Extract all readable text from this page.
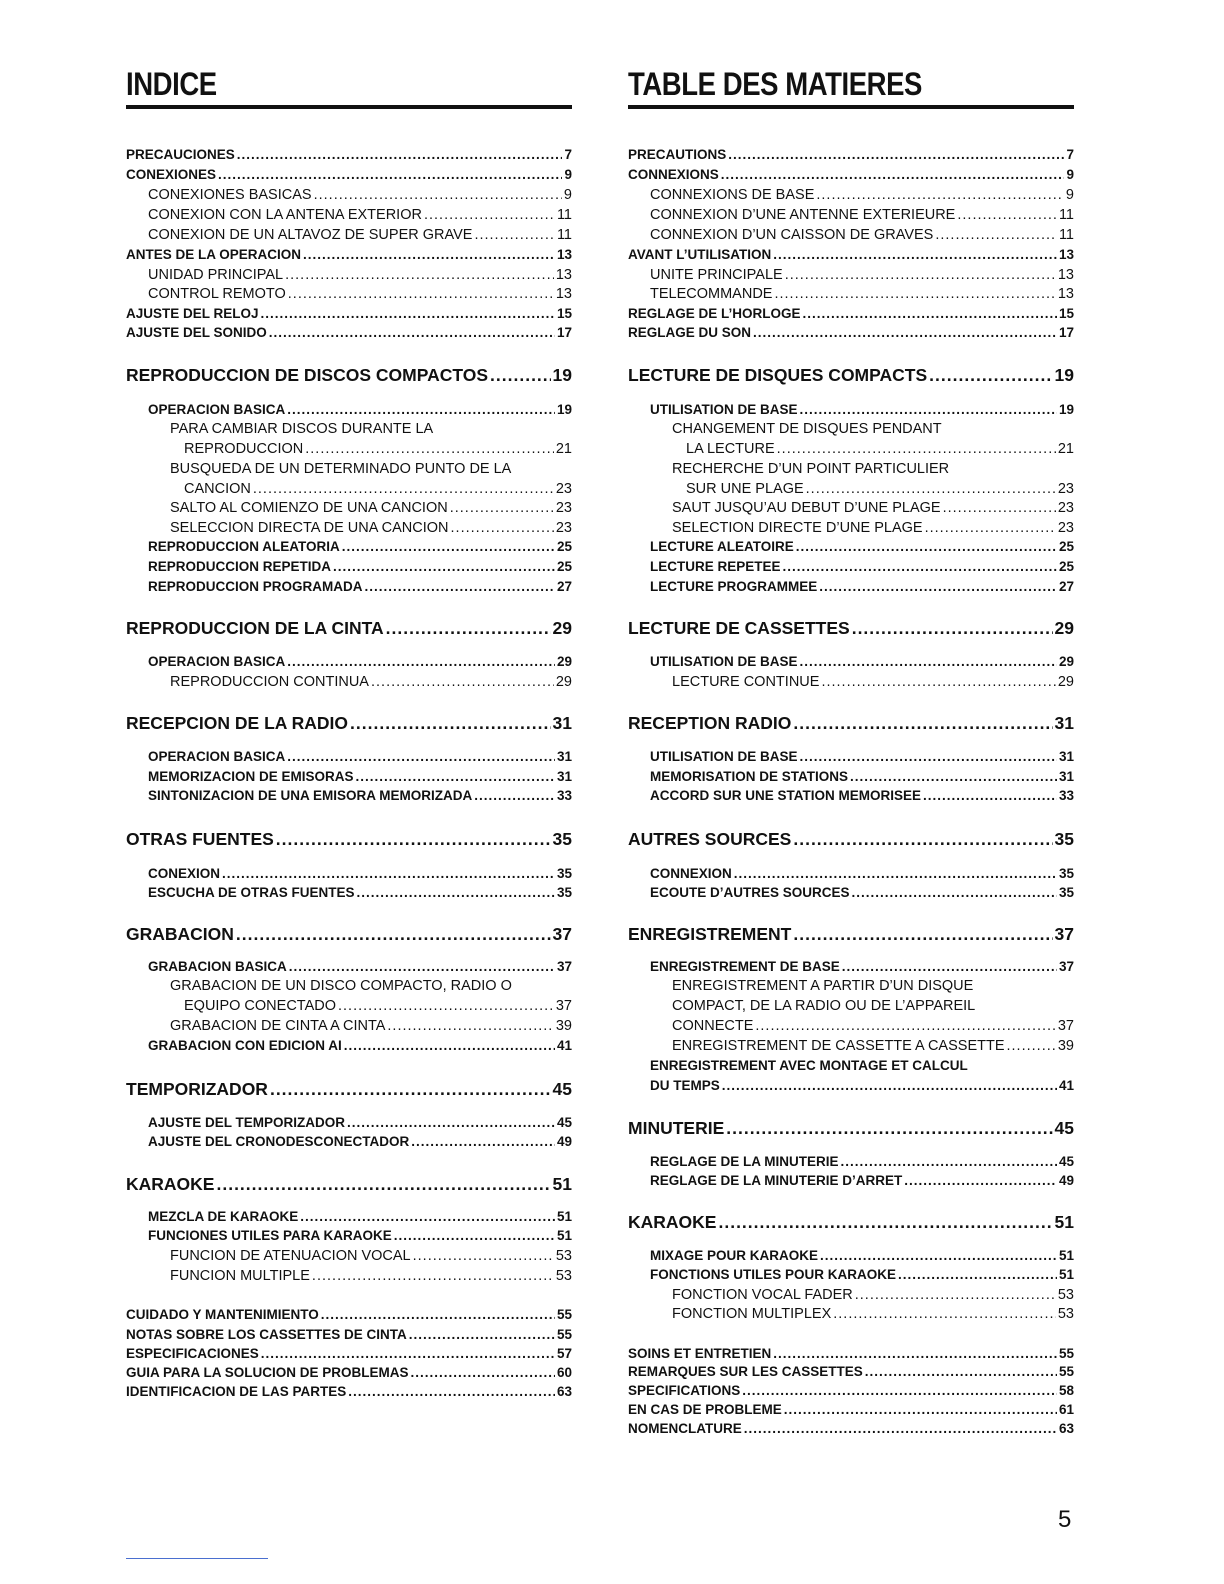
INDICE
PRECAUCIONES .....	7
CONEXIONES .....	9
CONEXIONES BASICAS .....	9
CONEXION CON LA ANTENA EXTERIOR .....	11
CONEXION DE UN ALTAVOZ DE SUPER GRAVE .....	11
ANTES DE LA OPERACION .....	13
UNIDAD PRINCIPAL .....	13
CONTROL REMOTO .....	13
AJUSTE DEL RELOJ .....	15
AJUSTE DEL SONIDO .....	17
REPRODUCCION DE DISCOS COMPACTOS .....	19
OPERACION BASICA .....	19
PARA CAMBIAR DISCOS DURANTE LA
REPRODUCCION .....	21
BUSQUEDA DE UN DETERMINADO PUNTO DE LA
CANCION .....	23
SALTO AL COMIENZO DE UNA CANCION .....	23
SELECCION DIRECTA DE UNA CANCION .....	23
REPRODUCCION ALEATORIA .....	25
REPRODUCCION REPETIDA .....	25
REPRODUCCION PROGRAMADA .....	27
REPRODUCCION DE LA CINTA .....	29
OPERACION BASICA .....	29
REPRODUCCION CONTINUA .....	29
RECEPCION DE LA RADIO .....	31
OPERACION BASICA .....	31
MEMORIZACION DE EMISORAS .....	31
SINTONIZACION DE UNA EMISORA MEMORIZADA .....	33
OTRAS FUENTES .....	35
CONEXION .....	35
ESCUCHA DE OTRAS FUENTES .....	35
GRABACION .....	37
GRABACION BASICA .....	37
GRABACION DE UN DISCO COMPACTO, RADIO O
EQUIPO CONECTADO .....	37
GRABACION DE CINTA A CINTA .....	39
GRABACION CON EDICION AI .....	41
TEMPORIZADOR .....	45
AJUSTE DEL TEMPORIZADOR .....	45
AJUSTE DEL CRONODESCONECTADOR .....	49
KARAOKE .....	51
MEZCLA DE KARAOKE .....	51
FUNCIONES UTILES PARA KARAOKE .....	51
FUNCION DE ATENUACION VOCAL .....	53
FUNCION MULTIPLE .....	53
CUIDADO Y MANTENIMIENTO .....	55
NOTAS SOBRE LOS CASSETTES DE CINTA .....	55
ESPECIFICACIONES .....	57
GUIA PARA LA SOLUCION DE PROBLEMAS .....	60
IDENTIFICACION DE LAS PARTES .....	63
TABLE DES MATIERES
PRECAUTIONS .....	7
CONNEXIONS .....	9
CONNEXIONS DE BASE .....	9
CONNEXION D’UNE ANTENNE EXTERIEURE .....	11
CONNEXION D’UN CAISSON DE GRAVES .....	11
AVANT L’UTILISATION .....	13
UNITE PRINCIPALE .....	13
TELECOMMANDE .....	13
REGLAGE DE L’HORLOGE .....	15
REGLAGE DU SON .....	17
LECTURE DE DISQUES COMPACTS .....	19
UTILISATION DE BASE .....	19
CHANGEMENT DE DISQUES PENDANT
LA LECTURE .....	21
RECHERCHE D’UN POINT PARTICULIER
SUR UNE PLAGE .....	23
SAUT JUSQU’AU DEBUT D’UNE PLAGE .....	23
SELECTION DIRECTE D’UNE PLAGE .....	23
LECTURE ALEATOIRE .....	25
LECTURE REPETEE .....	25
LECTURE PROGRAMMEE .....	27
LECTURE DE CASSETTES .....	29
UTILISATION DE BASE .....	29
LECTURE CONTINUE .....	29
RECEPTION RADIO .....	31
UTILISATION DE BASE .....	31
MEMORISATION DE STATIONS .....	31
ACCORD SUR UNE STATION MEMORISEE .....	33
AUTRES SOURCES .....	35
CONNEXION .....	35
ECOUTE D’AUTRES SOURCES .....	35
ENREGISTREMENT .....	37
ENREGISTREMENT DE BASE .....	37
ENREGISTREMENT A PARTIR D’UN DISQUE
COMPACT, DE LA RADIO OU DE L’APPAREIL
CONNECTE .....	37
ENREGISTREMENT DE CASSETTE A CASSETTE .....	39
ENREGISTREMENT AVEC MONTAGE ET CALCUL
DU TEMPS .....	41
MINUTERIE .....	45
REGLAGE DE LA MINUTERIE .....	45
REGLAGE DE LA MINUTERIE D’ARRET .....	49
KARAOKE .....	51
MIXAGE POUR KARAOKE .....	51
FONCTIONS UTILES POUR KARAOKE .....	51
FONCTION VOCAL FADER .....	53
FONCTION MULTIPLEX .....	53
SOINS ET ENTRETIEN .....	55
REMARQUES SUR LES CASSETTES .....	55
SPECIFICATIONS .....	58
EN CAS DE PROBLEME .....	61
NOMENCLATURE .....	63
5
